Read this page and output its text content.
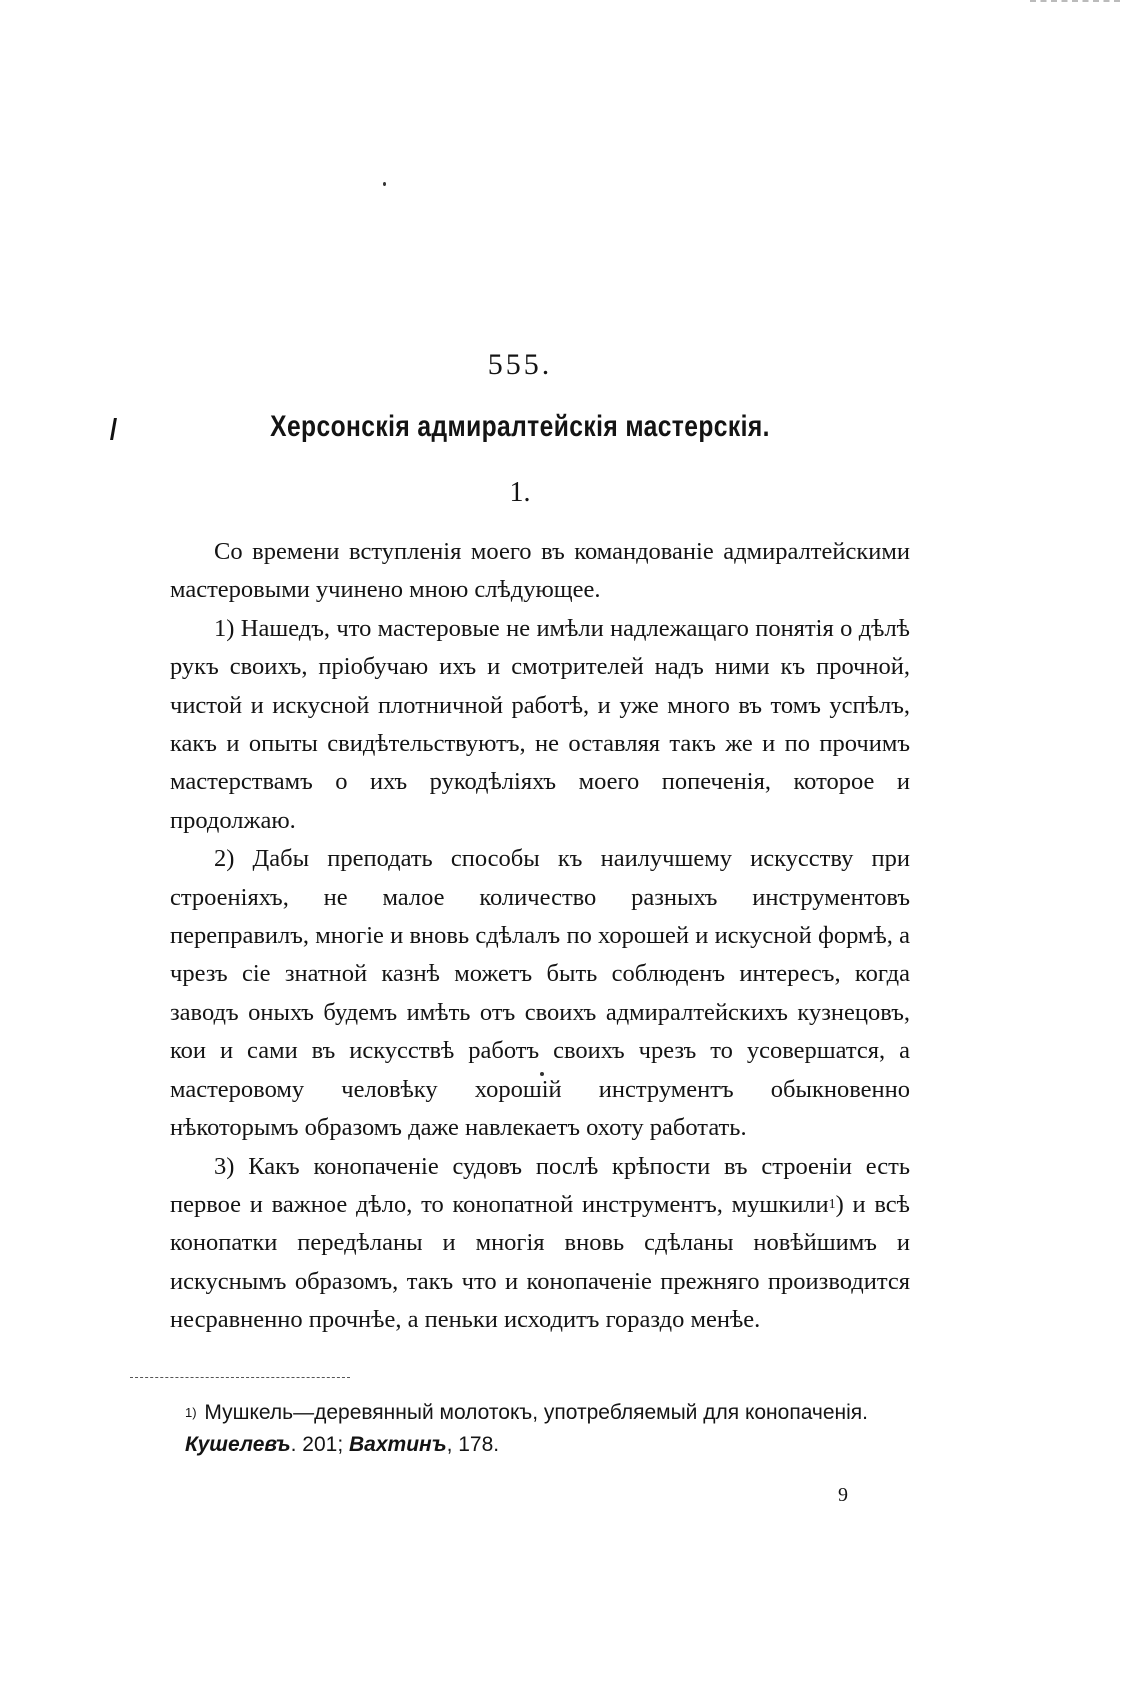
555.
Херсонскія адмиралтейскія мастерскія.
1.

Со времени вступленія моего въ командованіе адмиралтейскими мастеровыми учинено мною слѣдующее.

1) Нашедъ, что мастеровые не имѣли надлежащаго понятія о дѣлѣ рукъ своихъ, пріобучаю ихъ и смотрителей надъ ними къ прочной, чистой и искусной плотничной работѣ, и уже много въ томъ успѣлъ, какъ и опыты свидѣтельствуютъ, не оставляя такъ же и по прочимъ мастерствамъ о ихъ рукодѣліяхъ моего попеченія, которое и продолжаю.

2) Дабы преподать способы къ наилучшему искусству при строеніяхъ, не малое количество разныхъ инструментовъ переправилъ, многіе и вновь сдѣлалъ по хорошей и искусной формѣ, а чрезъ сіе знатной казнѣ можетъ быть соблюденъ интересъ, когда заводъ оныхъ будемъ имѣть отъ своихъ адмиралтейскихъ кузнецовъ, кои и сами въ искусствѣ работъ своихъ чрезъ то усовершатся, а мастеровому человѣку хорошій инструментъ обыкновенно нѣкоторымъ образомъ даже навлекаетъ охоту работать.

3) Какъ конопаченіе судовъ послѣ крѣпости въ строеніи есть первое и важное дѣло, то конопатной инструментъ, мушкили$^1$) и всѣ конопатки передѣланы и многія вновь сдѣланы новѣйшимъ и искуснымъ образомъ, такъ что и конопаченіе прежняго производится несравненно прочнѣе, а пеньки исходитъ гораздо менѣе.

$^{1)}$ Мушкель—деревянный молотокъ, употребляемый для конопаченія. Кушелевъ. 201; Вахтинъ, 178.
9
